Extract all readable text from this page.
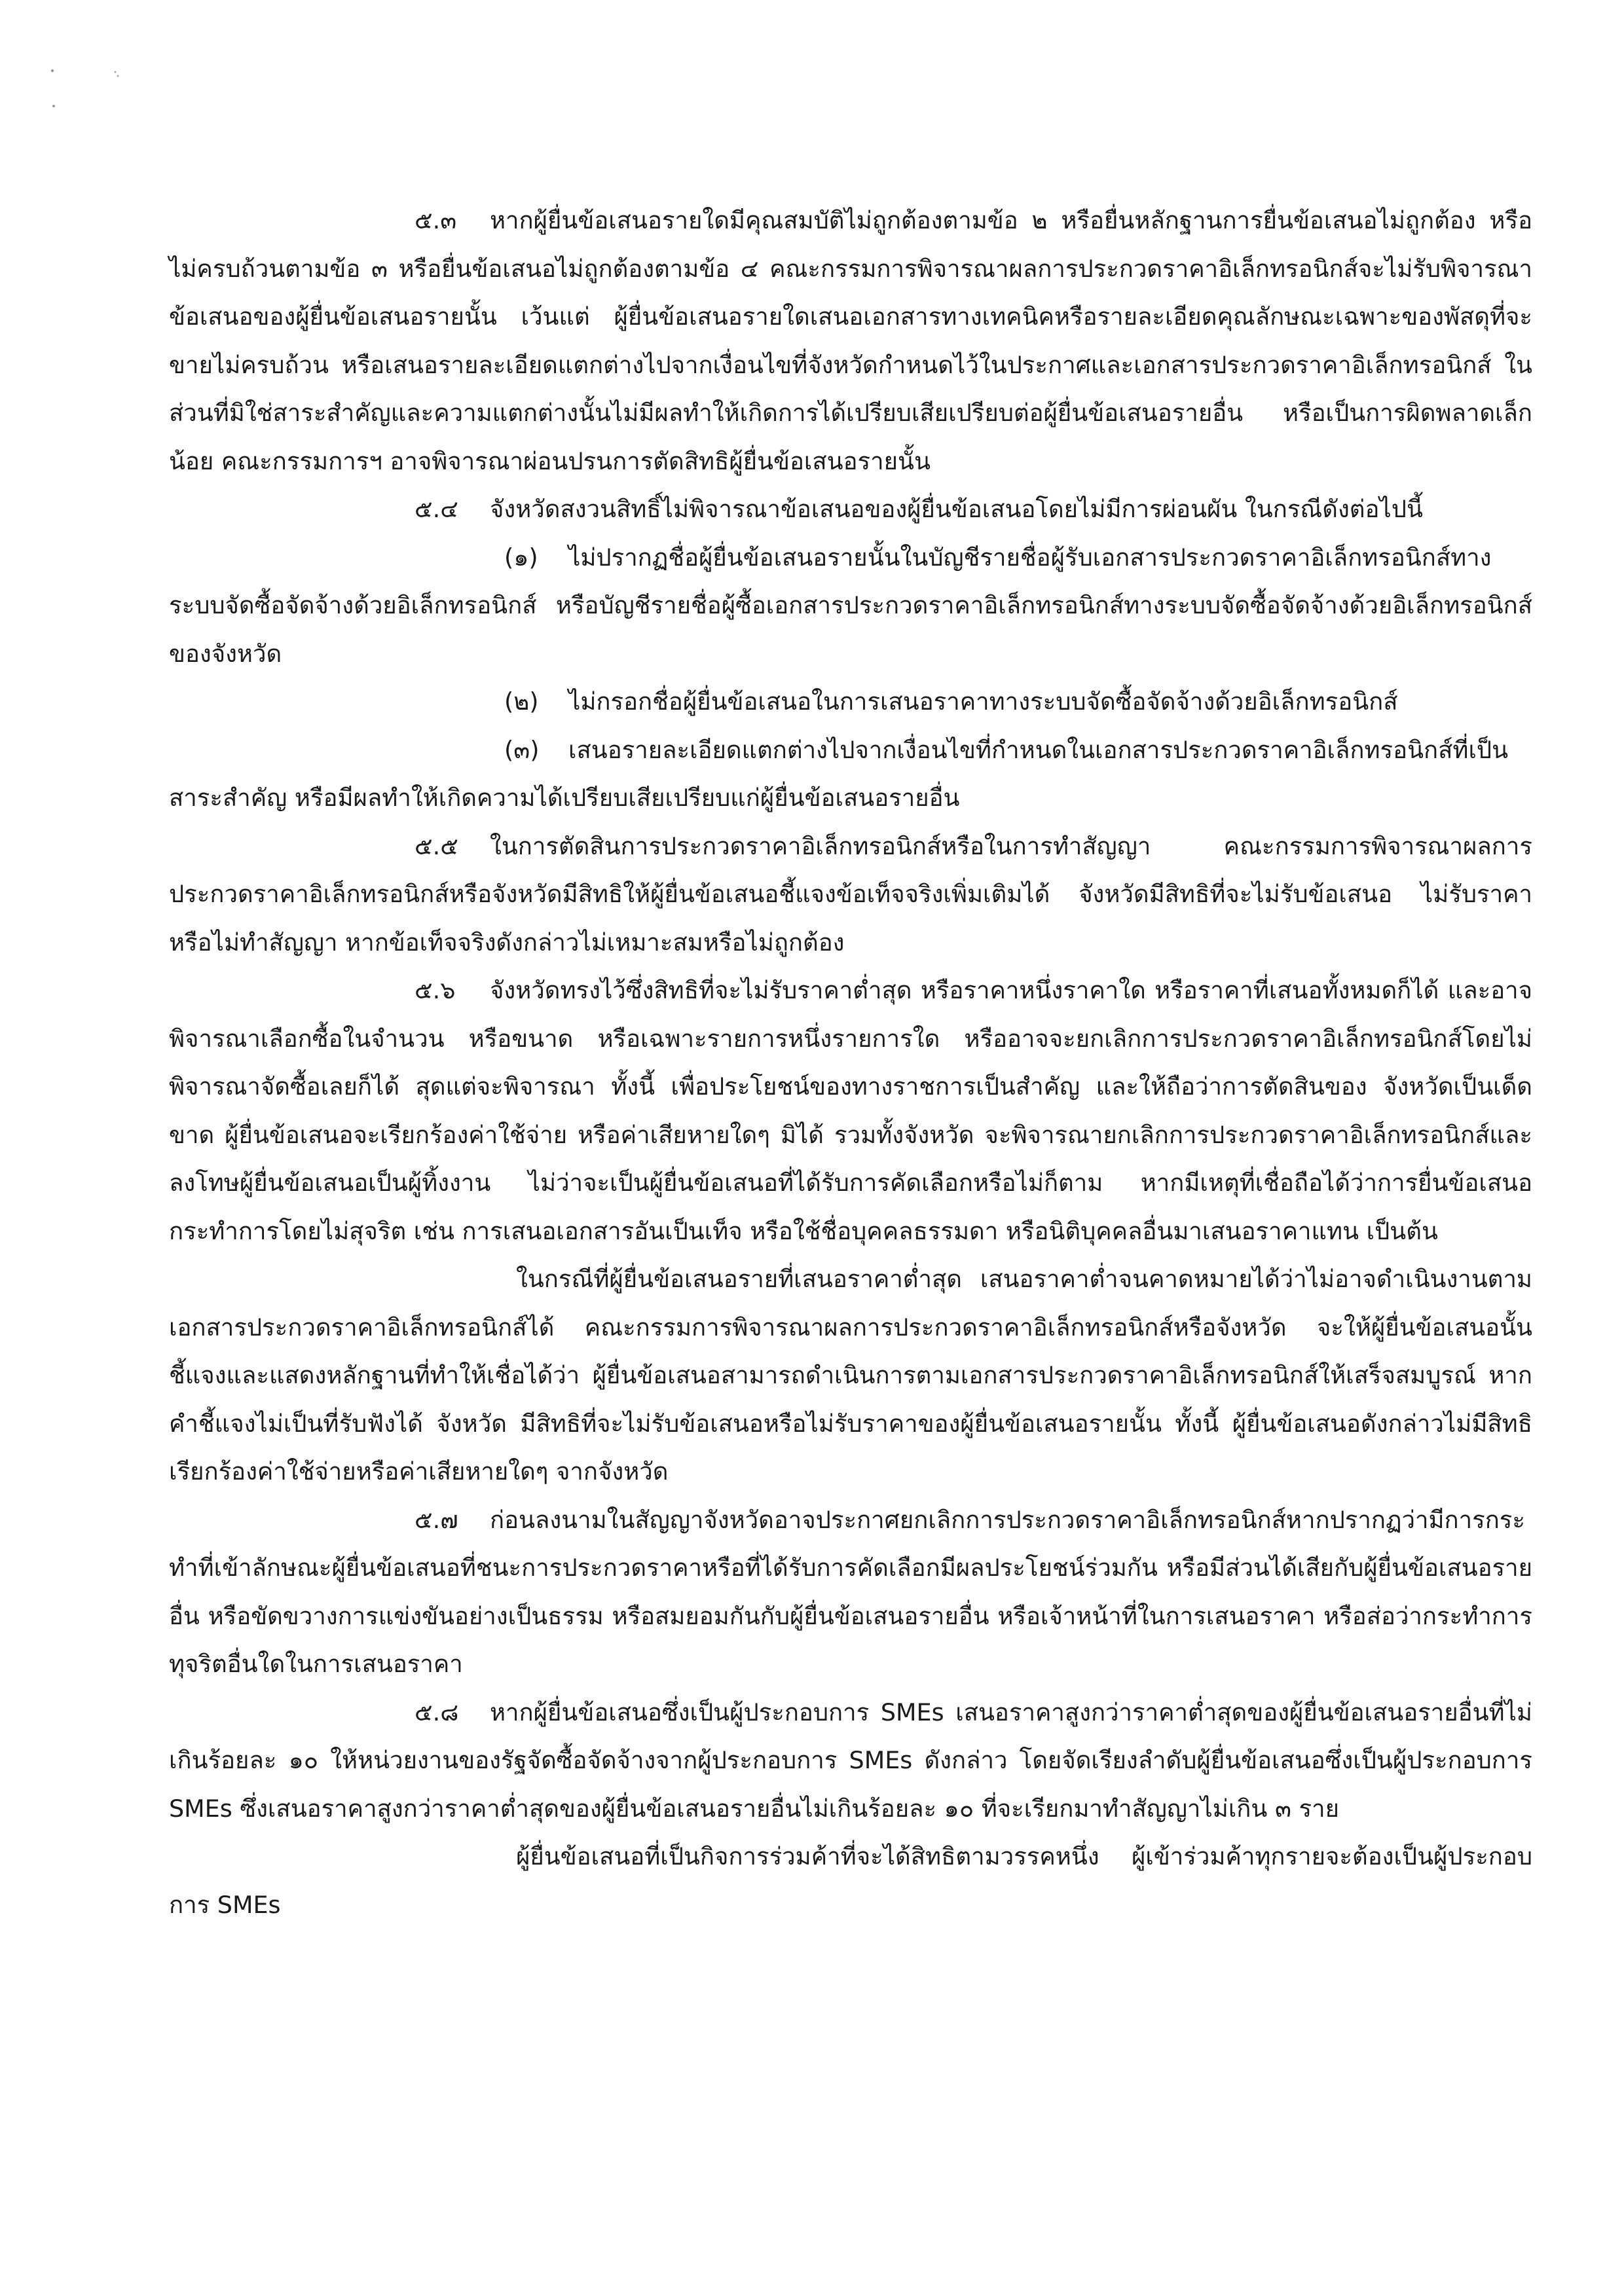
๕.๓ หากผู้ยื่นข้อเสนอรายใดมีคุณสมบัติไม่ถูกต้องตามข้อ ๒ หรือยื่นหลักฐานการยื่นข้อเสนอไม่ถูกต้อง หรือไม่ครบถ้วนตามข้อ ๓ หรือยื่นข้อเสนอไม่ถูกต้องตามข้อ ๔ คณะกรรมการพิจารณาผลการประกวดราคาอิเล็กทรอนิกส์จะไม่รับพิจารณาข้อเสนอของผู้ยื่นข้อเสนอรายนั้น เว้นแต่ ผู้ยื่นข้อเสนอรายใดเสนอเอกสารทางเทคนิคหรือรายละเอียดคุณลักษณะเฉพาะของพัสดุที่จะขายไม่ครบถ้วน หรือเสนอรายละเอียดแตกต่างไปจากเงื่อนไขที่จังหวัดกำหนดไว้ในประกาศและเอกสารประกวดราคาอิเล็กทรอนิกส์ ในส่วนที่มิใช่สาระสำคัญและความแตกต่างนั้นไม่มีผลทำให้เกิดการได้เปรียบเสียเปรียบต่อผู้ยื่นข้อเสนอรายอื่น หรือเป็นการผิดพลาดเล็กน้อย คณะกรรมการฯ อาจพิจารณาผ่อนปรนการตัดสิทธิผู้ยื่นข้อเสนอรายนั้น

๕.๔ จังหวัดสงวนสิทธิ์ไม่พิจารณาข้อเสนอของผู้ยื่นข้อเสนอโดยไม่มีการผ่อนผัน ในกรณีดังต่อไปนี้

(๑) ไม่ปรากฏชื่อผู้ยื่นข้อเสนอรายนั้นในบัญชีรายชื่อผู้รับเอกสารประกวดราคาอิเล็กทรอนิกส์ทางระบบจัดซื้อจัดจ้างด้วยอิเล็กทรอนิกส์ หรือบัญชีรายชื่อผู้ซื้อเอกสารประกวดราคาอิเล็กทรอนิกส์ทางระบบจัดซื้อจัดจ้างด้วยอิเล็กทรอนิกส์ ของจังหวัด

(๒) ไม่กรอกชื่อผู้ยื่นข้อเสนอในการเสนอราคาทางระบบจัดซื้อจัดจ้างด้วยอิเล็กทรอนิกส์

(๓) เสนอรายละเอียดแตกต่างไปจากเงื่อนไขที่กำหนดในเอกสารประกวดราคาอิเล็กทรอนิกส์ที่เป็นสาระสำคัญ หรือมีผลทำให้เกิดความได้เปรียบเสียเปรียบแก่ผู้ยื่นข้อเสนอรายอื่น

๕.๕ ในการตัดสินการประกวดราคาอิเล็กทรอนิกส์หรือในการทำสัญญา คณะกรรมการพิจารณาผลการประกวดราคาอิเล็กทรอนิกส์หรือจังหวัดมีสิทธิให้ผู้ยื่นข้อเสนอชี้แจงข้อเท็จจริงเพิ่มเติมได้ จังหวัดมีสิทธิที่จะไม่รับข้อเสนอ ไม่รับราคา หรือไม่ทำสัญญา หากข้อเท็จจริงดังกล่าวไม่เหมาะสมหรือไม่ถูกต้อง

๕.๖ จังหวัดทรงไว้ซึ่งสิทธิที่จะไม่รับราคาต่ำสุด หรือราคาหนึ่งราคาใด หรือราคาที่เสนอทั้งหมดก็ได้ และอาจพิจารณาเลือกซื้อในจำนวน หรือขนาด หรือเฉพาะรายการหนึ่งรายการใด หรืออาจจะยกเลิกการประกวดราคาอิเล็กทรอนิกส์โดยไม่พิจารณาจัดซื้อเลยก็ได้ สุดแต่จะพิจารณา ทั้งนี้ เพื่อประโยชน์ของทางราชการเป็นสำคัญ และให้ถือว่าการตัดสินของ จังหวัดเป็นเด็ดขาด ผู้ยื่นข้อเสนอจะเรียกร้องค่าใช้จ่าย หรือค่าเสียหายใดๆ มิได้ รวมทั้งจังหวัด จะพิจารณายกเลิกการประกวดราคาอิเล็กทรอนิกส์และลงโทษผู้ยื่นข้อเสนอเป็นผู้ทิ้งงาน ไม่ว่าจะเป็นผู้ยื่นข้อเสนอที่ได้รับการคัดเลือกหรือไม่ก็ตาม หากมีเหตุที่เชื่อถือได้ว่าการยื่นข้อเสนอกระทำการโดยไม่สุจริต เช่น การเสนอเอกสารอันเป็นเท็จ หรือใช้ชื่อบุคคลธรรมดา หรือนิติบุคคลอื่นมาเสนอราคาแทน เป็นต้น

ในกรณีที่ผู้ยื่นข้อเสนอรายที่เสนอราคาต่ำสุด เสนอราคาต่ำจนคาดหมายได้ว่าไม่อาจดำเนินงานตามเอกสารประกวดราคาอิเล็กทรอนิกส์ได้ คณะกรรมการพิจารณาผลการประกวดราคาอิเล็กทรอนิกส์หรือจังหวัด จะให้ผู้ยื่นข้อเสนอนั้นชี้แจงและแสดงหลักฐานที่ทำให้เชื่อได้ว่า ผู้ยื่นข้อเสนอสามารถดำเนินการตามเอกสารประกวดราคาอิเล็กทรอนิกส์ให้เสร็จสมบูรณ์ หากคำชี้แจงไม่เป็นที่รับฟังได้ จังหวัด มีสิทธิที่จะไม่รับข้อเสนอหรือไม่รับราคาของผู้ยื่นข้อเสนอรายนั้น ทั้งนี้ ผู้ยื่นข้อเสนอดังกล่าวไม่มีสิทธิเรียกร้องค่าใช้จ่ายหรือค่าเสียหายใดๆ จากจังหวัด

๕.๗ ก่อนลงนามในสัญญาจังหวัดอาจประกาศยกเลิกการประกวดราคาอิเล็กทรอนิกส์หากปรากฏว่ามีการกระทำที่เข้าลักษณะผู้ยื่นข้อเสนอที่ชนะการประกวดราคาหรือที่ได้รับการคัดเลือกมีผลประโยชน์ร่วมกัน หรือมีส่วนได้เสียกับผู้ยื่นข้อเสนอรายอื่น หรือขัดขวางการแข่งขันอย่างเป็นธรรม หรือสมยอมกันกับผู้ยื่นข้อเสนอรายอื่น หรือเจ้าหน้าที่ในการเสนอราคา หรือส่อว่ากระทำการทุจริตอื่นใดในการเสนอราคา

๕.๘ หากผู้ยื่นข้อเสนอซึ่งเป็นผู้ประกอบการ SMEs เสนอราคาสูงกว่าราคาต่ำสุดของผู้ยื่นข้อเสนอรายอื่นที่ไม่เกินร้อยละ ๑๐ ให้หน่วยงานของรัฐจัดซื้อจัดจ้างจากผู้ประกอบการ SMEs ดังกล่าว โดยจัดเรียงลำดับผู้ยื่นข้อเสนอซึ่งเป็นผู้ประกอบการ SMEs ซึ่งเสนอราคาสูงกว่าราคาต่ำสุดของผู้ยื่นข้อเสนอรายอื่นไม่เกินร้อยละ ๑๐ ที่จะเรียกมาทำสัญญาไม่เกิน ๓ ราย

ผู้ยื่นข้อเสนอที่เป็นกิจการร่วมค้าที่จะได้สิทธิตามวรรคหนึ่ง ผู้เข้าร่วมค้าทุกรายจะต้องเป็นผู้ประกอบการ SMEs
